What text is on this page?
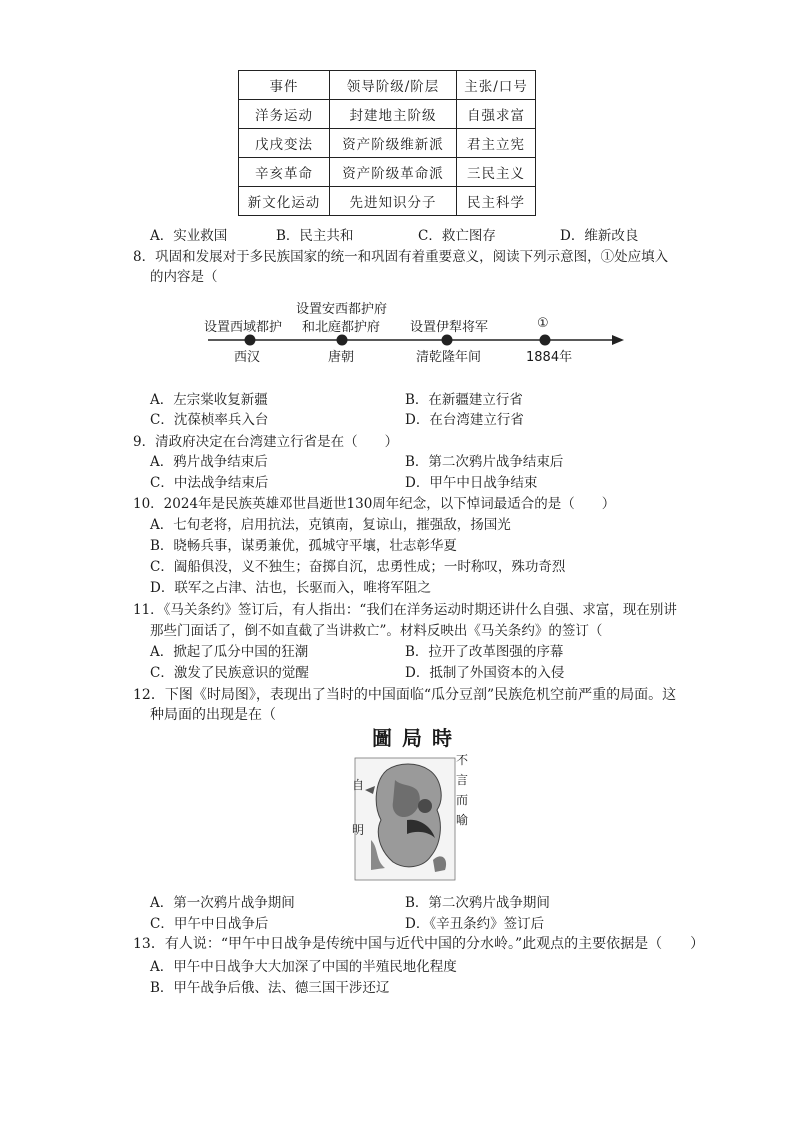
事件	领导阶级/阶层	主张/口号
洋务运动	封建地主阶级	自强求富
戊戌变法	资产阶级维新派	君主立宪
辛亥革命	资产阶级革命派	三民主义
新文化运动	先进知识分子	民主科学
A．实业救国	B．民主共和	C．救亡图存	D．维新改良
8．巩固和发展对于多民族国家的统一和巩固有着重要意义，阅读下列示意图，①处应填入
的内容是（
设置西域都护
设置安西都护府
和北庭都护府 设置伊犁将军	①
西汉	唐朝	清乾隆年间	1884年
A．左宗棠收复新疆	B．在新疆建立行省
C．沈葆桢率兵入台	D．在台湾建立行省
9．清政府决定在台湾建立行省是在（　　）
A．鸦片战争结束后	B．第二次鸦片战争结束后
C．中法战争结束后	D．甲午中日战争结束
10．2024年是民族英雄邓世昌逝世130周年纪念，以下悼词最适合的是（　　）
A．七旬老将，启用抗法，克镇南，复谅山，摧强敌，扬国光
B．晓畅兵事，谋勇兼优，孤城守平壤，壮志彰华夏
C．阖船俱没，义不独生；奋掷自沉，忠勇性成；一时称叹，殊功奇烈
D．联军之占津、沽也，长驱而入，唯将军阻之
11．《马关条约》签订后，有人指出：“我们在洋务运动时期还讲什么自强、求富，现在别讲
那些门面话了，倒不如直截了当讲救亡”。材料反映出《马关条约》的签订（
A．掀起了瓜分中国的狂潮	B．拉开了改革图强的序幕
C．激发了民族意识的觉醒	D．抵制了外国资本的入侵
12．下图《时局图》，表现出了当时的中国面临“瓜分豆剖”民族危机空前严重的局面。这
种局面的出现是在（
圖局時
自

明
不
言
而
喻
A．第一次鸦片战争期间	B．第二次鸦片战争期间
C．甲午中日战争后	D．《辛丑条约》签订后
13．有人说：“甲午中日战争是传统中国与近代中国的分水岭。”此观点的主要依据是（　　）
A．甲午中日战争大大加深了中国的半殖民地化程度
B．甲午战争后俄、法、德三国干涉还辽
